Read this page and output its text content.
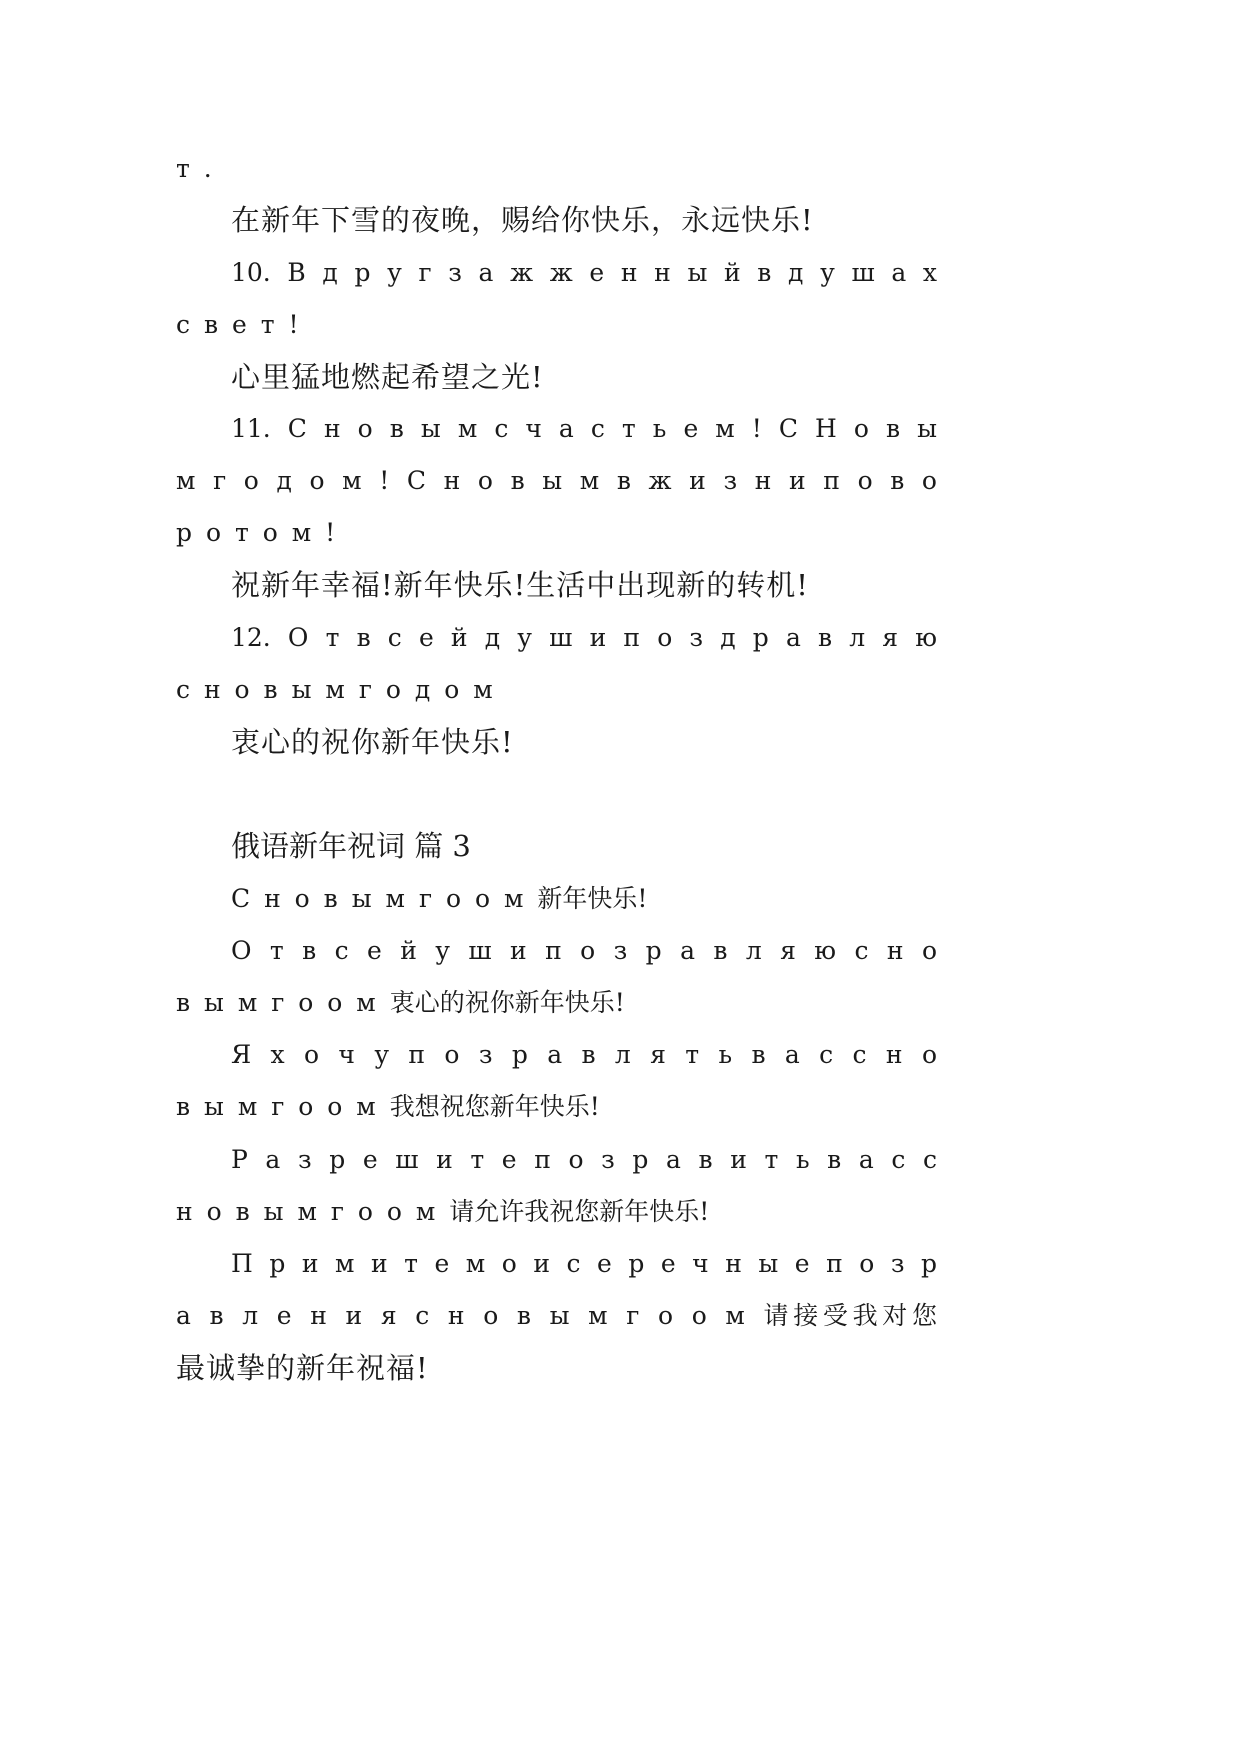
т .

在新年下雪的夜晚，赐给你快乐，永远快乐!

10. В д р у г з а ж ж е н н ы й в д у ш а х

с в е т !

心里猛地燃起希望之光!

11. С н о в ы м с ч а с т ь е м ! С Н о в ы

м г о д о м ! С н о в ы м в ж и з н и п о в о

р о т о м !

祝新年幸福!新年快乐!生活中出现新的转机!

12. О т в с е й д у ш и п о з д р а в л я ю

с н о в ы м г о д о м

衷心的祝你新年快乐!

俄语新年祝词 篇 3

С н о в ы м г о о м 新年快乐!

О т в с е й у ш и п о з р а в л я ю с н о

в ы м г о о м 衷心的祝你新年快乐!

Я х о ч у п о з р а в л я т ь в а с с н о

в ы м г о о м 我想祝您新年快乐!

Р а з р е ш и т е п о з р а в и т ь в а с с

н о в ы м г о о м 请允许我祝您新年快乐!

П р и м и т е м о и с е р е ч н ы е п о з р

а в л е н и я с н о в ы м г о о м 请接受我对您

最诚挚的新年祝福!
